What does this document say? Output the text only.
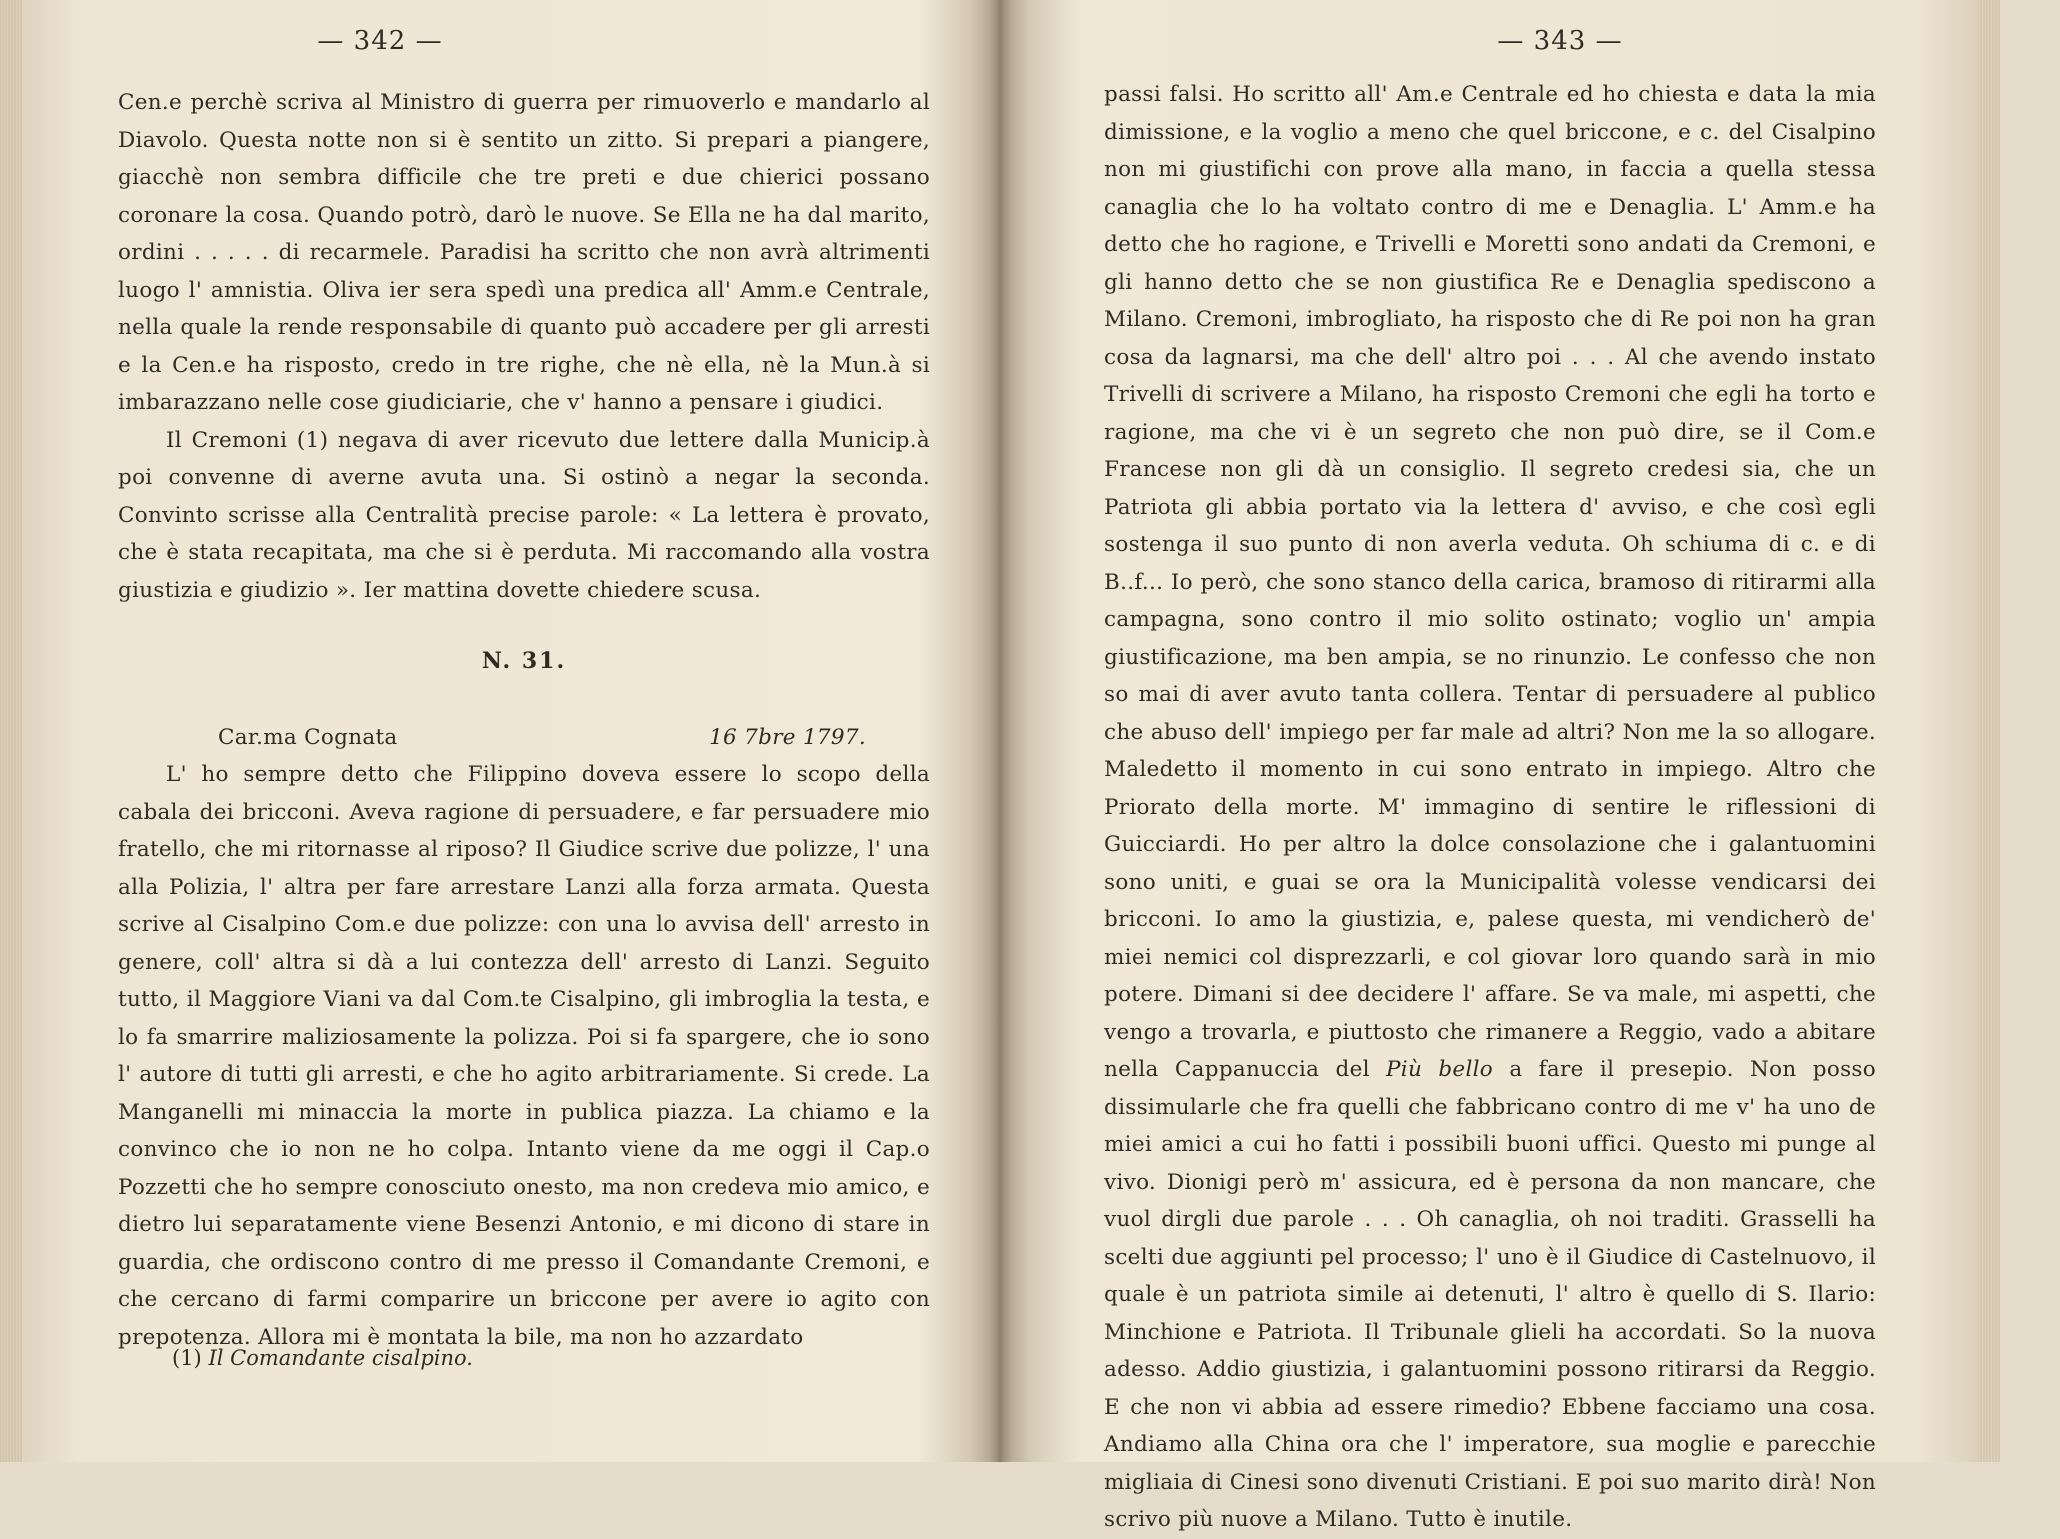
— 342 —

Cen.e perchè scriva al Ministro di guerra per rimuoverlo e mandarlo al Diavolo. Questa notte non si è sentito un zitto. Si prepari a piangere, giacchè non sembra difficile che tre preti e due chierici possano coronare la cosa. Quando potrò, darò le nuove. Se Ella ne ha dal marito, ordini . . . . . di recarmele. Paradisi ha scritto che non avrà altrimenti luogo l' amnistia. Oliva ier sera spedì una predica all' Amm.e Centrale, nella quale la rende responsabile di quanto può accadere per gli arresti e la Cen.e ha risposto, credo in tre righe, che nè ella, nè la Mun.à si imbarazzano nelle cose giudiciarie, che v' hanno a pensare i giudici.

Il Cremoni (1) negava di aver ricevuto due lettere dalla Municip.à poi convenne di averne avuta una. Si ostinò a negar la seconda. Convinto scrisse alla Centralità precise parole: « La lettera è provato, che è stata recapitata, ma che si è perduta. Mi raccomando alla vostra giustizia e giudizio ». Ier mattina dovette chiedere scusa.

N. 31.

Car.ma Cognata	16 7bre 1797.

L' ho sempre detto che Filippino doveva essere lo scopo della cabala dei bricconi. Aveva ragione di persuadere, e far persuadere mio fratello, che mi ritornasse al riposo? Il Giudice scrive due polizze, l' una alla Polizia, l' altra per fare arrestare Lanzi alla forza armata. Questa scrive al Cisalpino Com.e due polizze: con una lo avvisa dell' arresto in genere, coll' altra si dà a lui contezza dell' arresto di Lanzi. Seguito tutto, il Maggiore Viani va dal Com.te Cisalpino, gli imbroglia la testa, e lo fa smarrire maliziosamente la polizza. Poi si fa spargere, che io sono l' autore di tutti gli arresti, e che ho agito arbitrariamente. Si crede. La Manganelli mi minaccia la morte in publica piazza. La chiamo e la convinco che io non ne ho colpa. Intanto viene da me oggi il Cap.o Pozzetti che ho sempre conosciuto onesto, ma non credeva mio amico, e dietro lui separatamente viene Besenzi Antonio, e mi dicono di stare in guardia, che ordiscono contro di me presso il Comandante Cremoni, e che cercano di farmi comparire un briccone per avere io agito con prepotenza. Allora mi è montata la bile, ma non ho azzardato

(1) Il Comandante cisalpino.
— 343 —

passi falsi. Ho scritto all' Am.e Centrale ed ho chiesta e data la mia dimissione, e la voglio a meno che quel briccone, e c. del Cisalpino non mi giustifichi con prove alla mano, in faccia a quella stessa canaglia che lo ha voltato contro di me e Denaglia. L' Amm.e ha detto che ho ragione, e Trivelli e Moretti sono andati da Cremoni, e gli hanno detto che se non giustifica Re e Denaglia spediscono a Milano. Cremoni, imbrogliato, ha risposto che di Re poi non ha gran cosa da lagnarsi, ma che dell' altro poi . . . Al che avendo instato Trivelli di scrivere a Milano, ha risposto Cremoni che egli ha torto e ragione, ma che vi è un segreto che non può dire, se il Com.e Francese non gli dà un consiglio. Il segreto credesi sia, che un Patriota gli abbia portato via la lettera d' avviso, e che così egli sostenga il suo punto di non averla veduta. Oh schiuma di c. e di B..f... Io però, che sono stanco della carica, bramoso di ritirarmi alla campagna, sono contro il mio solito ostinato; voglio un' ampia giustificazione, ma ben ampia, se no rinunzio. Le confesso che non so mai di aver avuto tanta collera. Tentar di persuadere al publico che abuso dell' impiego per far male ad altri? Non me la so allogare. Maledetto il momento in cui sono entrato in impiego. Altro che Priorato della morte. M' immagino di sentire le riflessioni di Guicciardi. Ho per altro la dolce consolazione che i galantuomini sono uniti, e guai se ora la Municipalità volesse vendicarsi dei bricconi. Io amo la giustizia, e, palese questa, mi vendicherò de' miei nemici col disprezzarli, e col giovar loro quando sarà in mio potere. Dimani si dee decidere l' affare. Se va male, mi aspetti, che vengo a trovarla, e piuttosto che rimanere a Reggio, vado a abitare nella Cappanuccia del Più bello a fare il presepio. Non posso dissimularle che fra quelli che fabbricano contro di me v' ha uno de miei amici a cui ho fatti i possibili buoni uffici. Questo mi punge al vivo. Dionigi però m' assicura, ed è persona da non mancare, che vuol dirgli due parole . . . Oh canaglia, oh noi traditi. Grasselli ha scelti due aggiunti pel processo; l' uno è il Giudice di Castelnuovo, il quale è un patriota simile ai detenuti, l' altro è quello di S. Ilario: Minchione e Patriota. Il Tribunale glieli ha accordati. So la nuova adesso. Addio giustizia, i galantuomini possono ritirarsi da Reggio. E che non vi abbia ad essere rimedio? Ebbene facciamo una cosa. Andiamo alla China ora che l' imperatore, sua moglie e parecchie migliaia di Cinesi sono divenuti Cristiani. E poi suo marito dirà! Non scrivo più nuove a Milano. Tutto è inutile.
